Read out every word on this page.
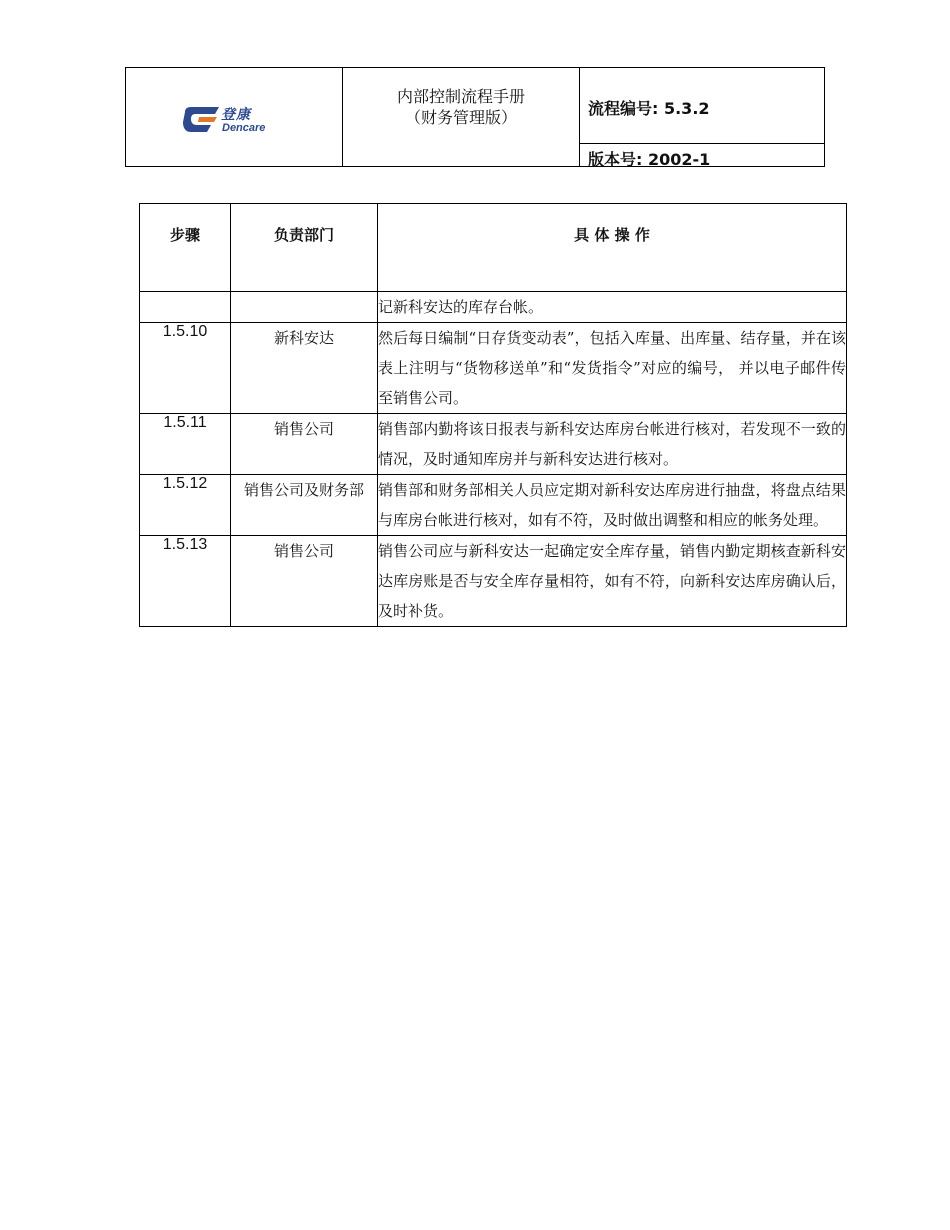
登康
Dencare
内部控制流程手册
（财务管理版）	流程编号: 5.3.2
版本号: 2002-1
步骤	负责部门	具 体 操 作
		记新科安达的库存台帐。
1.5.10	新科安达	然后每日编制“日存货变动表”，包括入库量、出库量、结存量，并在该表上注明与“货物移送单”和“发货指令”对应的编号， 并以电子邮件传至销售公司。
1.5.11	销售公司	销售部内勤将该日报表与新科安达库房台帐进行核对，若发现不一致的情况，及时通知库房并与新科安达进行核对。
1.5.12	销售公司及财务部	销售部和财务部相关人员应定期对新科安达库房进行抽盘，将盘点结果与库房台帐进行核对，如有不符，及时做出调整和相应的帐务处理。
1.5.13	销售公司	销售公司应与新科安达一起确定安全库存量，销售内勤定期核查新科安达库房账是否与安全库存量相符，如有不符，向新科安达库房确认后，及时补货。
